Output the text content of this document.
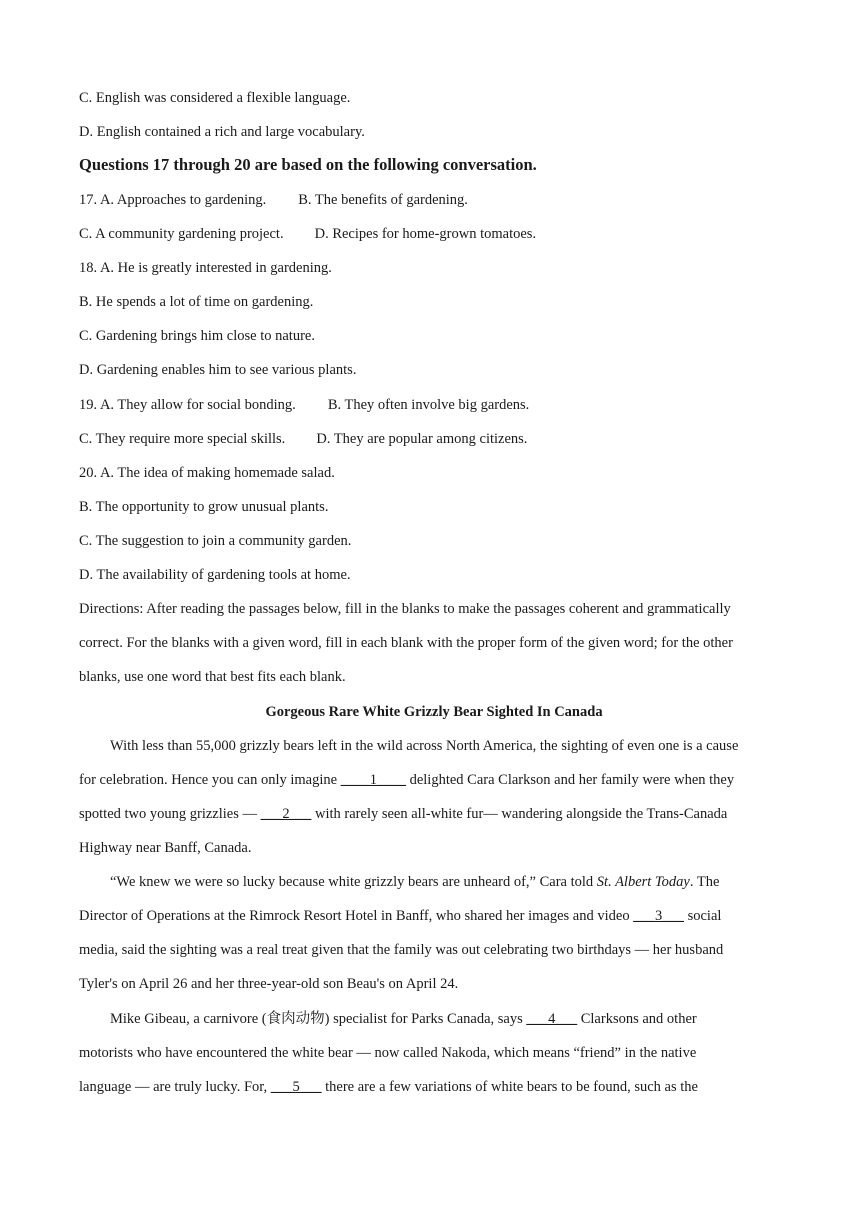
C. English was considered a flexible language.
D. English contained a rich and large vocabulary.
Questions 17 through 20 are based on the following conversation.
17. A. Approaches to gardening. B. The benefits of gardening.
C. A community gardening project. D. Recipes for home-grown tomatoes.
18. A. He is greatly interested in gardening.
B. He spends a lot of time on gardening.
C. Gardening brings him close to nature.
D. Gardening enables him to see various plants.
19. A. They allow for social bonding. B. They often involve big gardens.
C. They require more special skills. D. They are popular among citizens.
20. A. The idea of making homemade salad.
B. The opportunity to grow unusual plants.
C. The suggestion to join a community garden.
D. The availability of gardening tools at home.
Directions: After reading the passages below, fill in the blanks to make the passages coherent and grammatically
correct. For the blanks with a given word, fill in each blank with the proper form of the given word; for the other
blanks, use one word that best fits each blank.
Gorgeous Rare White Grizzly Bear Sighted In Canada
With less than 55,000 grizzly bears left in the wild across North America, the sighting of even one is a cause
for celebration. Hence you can only imagine ____1____ delighted Cara Clarkson and her family were when they
spotted two young grizzlies — ___2___ with rarely seen all-white fur— wandering alongside the Trans-Canada
Highway near Banff, Canada.
“We knew we were so lucky because white grizzly bears are unheard of,” Cara told St. Albert Today. The
Director of Operations at the Rimrock Resort Hotel in Banff, who shared her images and video ___3___ social
media, said the sighting was a real treat given that the family was out celebrating two birthdays — her husband
Tyler's on April 26 and her three-year-old son Beau's on April 24.
Mike Gibeau, a carnivore (食肉动物) specialist for Parks Canada, says ___4___ Clarksons and other
motorists who have encountered the white bear — now called Nakoda, which means “friend” in the native
language — are truly lucky. For, ___5___ there are a few variations of white bears to be found, such as the
